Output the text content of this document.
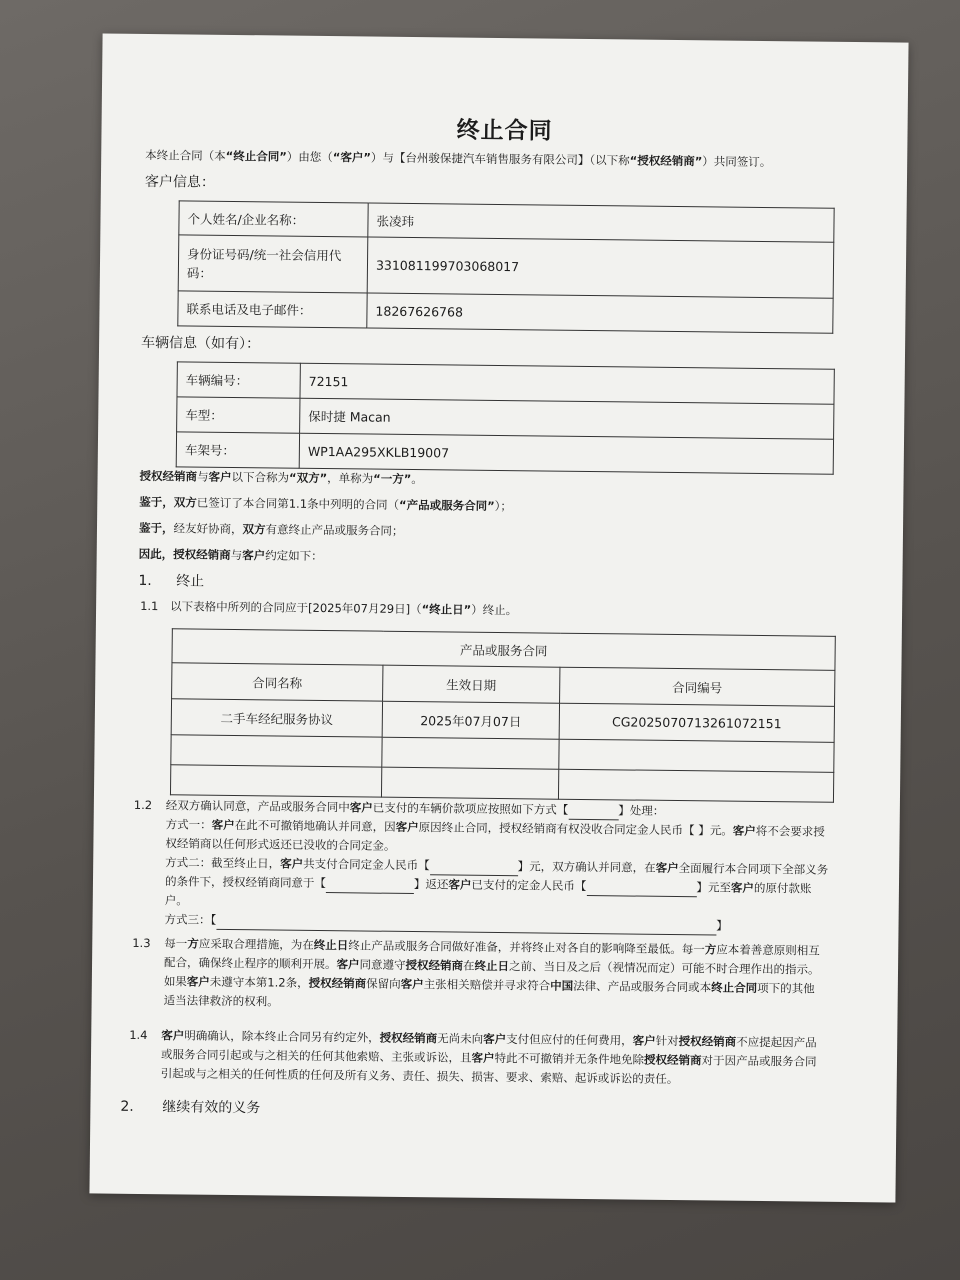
终止合同
本终止合同（本“终止合同”）由您（“客户”）与【台州骏保捷汽车销售服务有限公司】（以下称“授权经销商”）共同签订。
客户信息：
个人姓名/企业名称：	张凌玮

身份证号码/统一社会信用代码：	331081199703068017
联系电话及电子邮件：	18267626768
车辆信息（如有）：
车辆编号：	72151
车型：	保时捷 Macan
车架号：	WP1AA295XKLB19007
授权经销商与客户以下合称为“双方”，单称为“一方”。
鉴于，双方已签订了本合同第1.1条中列明的合同（“产品或服务合同”）；
鉴于，经友好协商，双方有意终止产品或服务合同；
因此，授权经销商与客户约定如下：
1. 终止
1.1 以下表格中所列的合同应于[2025年07月29日]（“终止日”）终止。
产品或服务合同		
合同名称	生效日期	合同编号
二手车经纪服务协议	2025年07月07日	CG2025070713261072151

1.2 经双方确认同意，产品或服务合同中客户已支付的车辆价款项应按照如下方式【	】处理：
方式一：客户在此不可撤销地确认并同意，因客户原因终止合同，授权经销商有权没收合同定金人民币【 】元。客户将不会要求授
权经销商以任何形式返还已没收的合同定金。
方式二：截至终止日，客户共支付合同定金人民币【	】元，双方确认并同意，在客户全面履行本合同项下全部义务
的条件下，授权经销商同意于【	】返还客户已支付的定金人民币【	】元至客户的原付款账
户。
方式三：【	】
1.3 每一方应采取合理措施，为在终止日终止产品或服务合同做好准备，并将终止对各自的影响降至最低。每一方应本着善意原则相互
配合，确保终止程序的顺利开展。客户同意遵守授权经销商在终止日之前、当日及之后（视情况而定）可能不时合理作出的指示。
如果客户未遵守本第1.2条，授权经销商保留向客户主张相关赔偿并寻求符合中国法律、产品或服务合同或本终止合同项下的其他
适当法律救济的权利。
1.4 客户明确确认，除本终止合同另有约定外，授权经销商无尚未向客户支付但应付的任何费用，客户针对授权经销商不应提起因产品
或服务合同引起或与之相关的任何其他索赔、主张或诉讼，且客户特此不可撤销并无条件地免除授权经销商对于因产品或服务合同
引起或与之相关的任何性质的任何及所有义务、责任、损失、损害、要求、索赔、起诉或诉讼的责任。
2. 继续有效的义务
